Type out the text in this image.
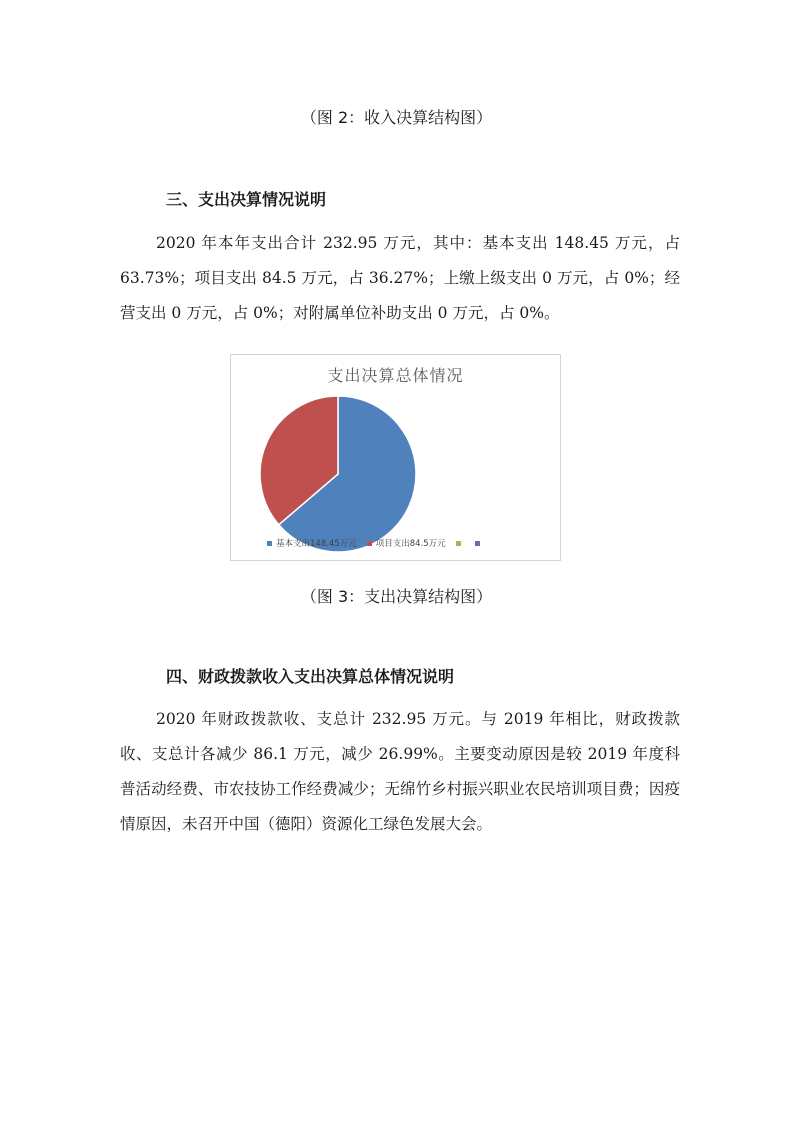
（图 2：收入决算结构图）
三、支出决算情况说明
2020 年本年支出合计 232.95 万元，其中：基本支出 148.45 万元，占 63.73%；项目支出 84.5 万元，占 36.27%；上缴上级支出 0 万元，占 0%；经营支出 0 万元，占 0%；对附属单位补助支出 0 万元，占 0%。
支出决算总体情况
基本支出148.45万元 项目支出84.5万元
（图 3：支出决算结构图）
四、财政拨款收入支出决算总体情况说明
2020 年财政拨款收、支总计 232.95 万元。与 2019 年相比，财政拨款收、支总计各减少 86.1 万元，减少 26.99%。主要变动原因是较 2019 年度科普活动经费、市农技协工作经费减少；无绵竹乡村振兴职业农民培训项目费；因疫情原因，未召开中国（德阳）资源化工绿色发展大会。
